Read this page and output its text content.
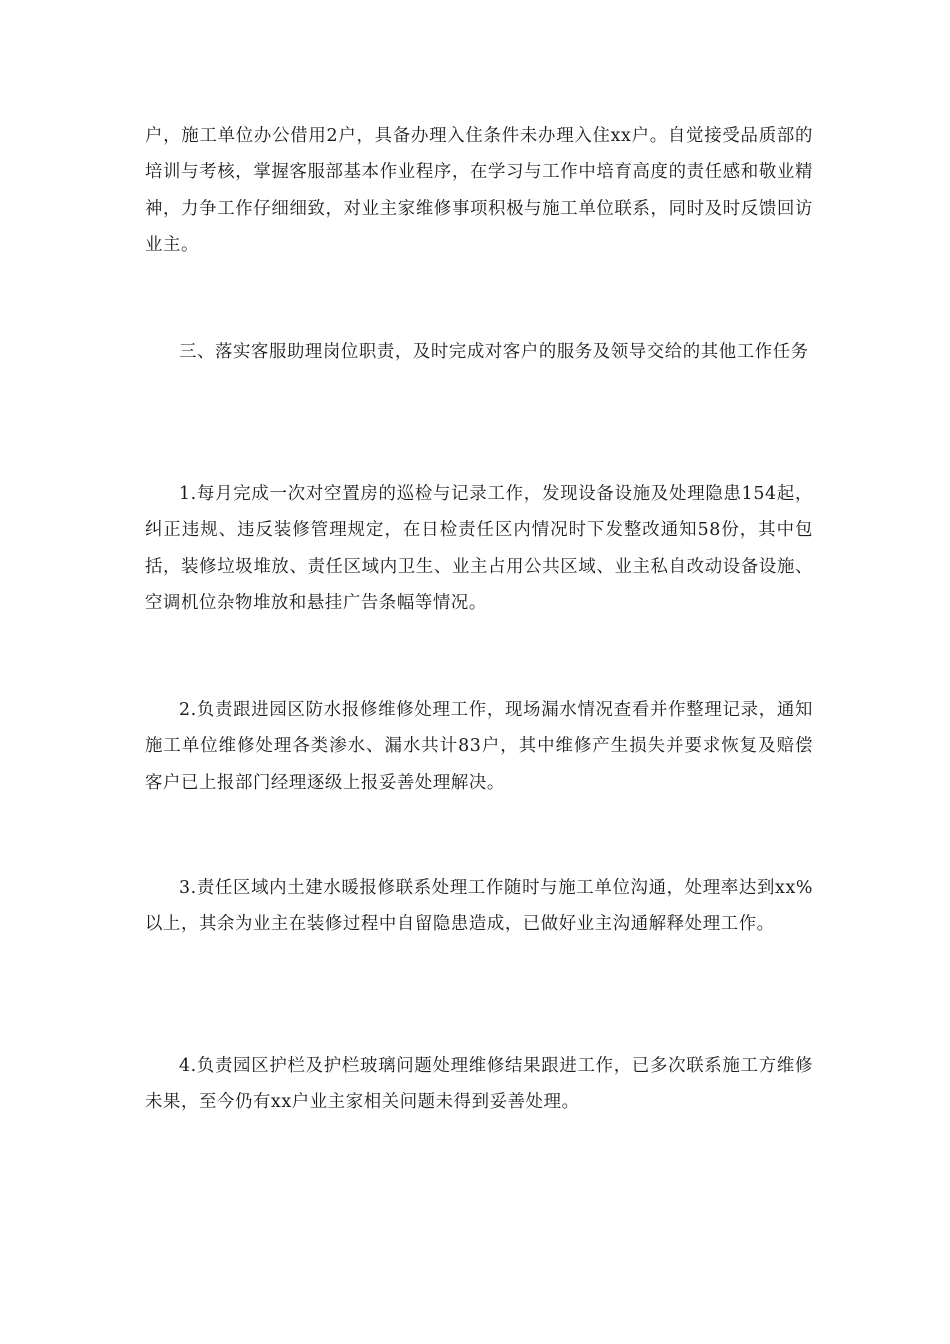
户，施工单位办公借用2户，具备办理入住条件未办理入住xx户。自觉接受品质部的培训与考核，掌握客服部基本作业程序，在学习与工作中培育高度的责任感和敬业精神，力争工作仔细细致，对业主家维修事项积极与施工单位联系，同时及时反馈回访业主。

三、落实客服助理岗位职责，及时完成对客户的服务及领导交给的其他工作任务

1.每月完成一次对空置房的巡检与记录工作，发现设备设施及处理隐患154起，纠正违规、违反装修管理规定，在日检责任区内情况时下发整改通知58份，其中包括，装修垃圾堆放、责任区域内卫生、业主占用公共区域、业主私自改动设备设施、空调机位杂物堆放和悬挂广告条幅等情况。

2.负责跟进园区防水报修维修处理工作，现场漏水情况查看并作整理记录，通知施工单位维修处理各类渗水、漏水共计83户，其中维修产生损失并要求恢复及赔偿客户已上报部门经理逐级上报妥善处理解决。

3.责任区域内土建水暖报修联系处理工作随时与施工单位沟通，处理率达到xx%以上，其余为业主在装修过程中自留隐患造成，已做好业主沟通解释处理工作。

4.负责园区护栏及护栏玻璃问题处理维修结果跟进工作，已多次联系施工方维修未果，至今仍有xx户业主家相关问题未得到妥善处理。
